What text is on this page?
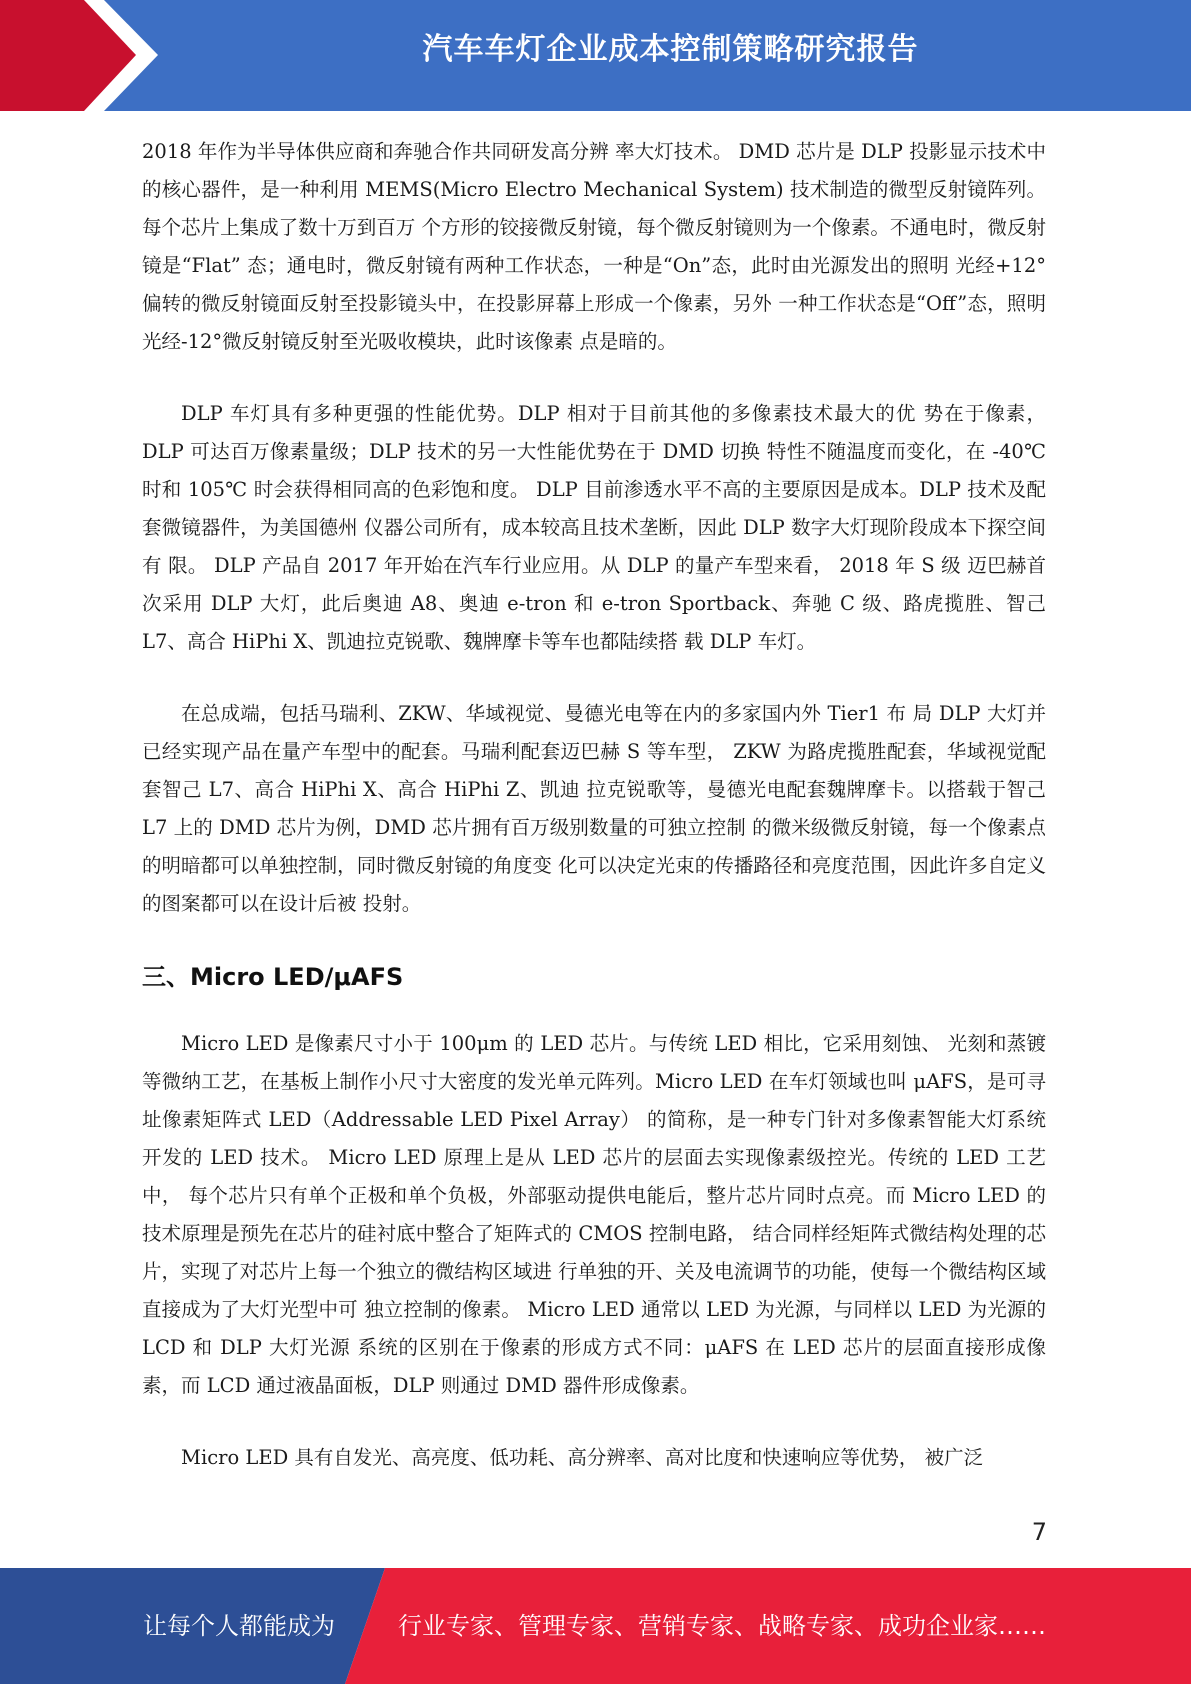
汽车车灯企业成本控制策略研究报告

2018 年作为半导体供应商和奔驰合作共同研发高分辨 率大灯技术。 DMD 芯片是 DLP 投影显示技术中的核心器件，是一种利用 MEMS(Micro Electro Mechanical System) 技术制造的微型反射镜阵列。每个芯片上集成了数十万到百万 个方形的铰接微反射镜，每个微反射镜则为一个像素。不通电时，微反射镜是“Flat” 态；通电时，微反射镜有两种工作状态，一种是“On”态，此时由光源发出的照明 光经+12°偏转的微反射镜面反射至投影镜头中，在投影屏幕上形成一个像素，另外 一种工作状态是“Off”态，照明光经-12°微反射镜反射至光吸收模块，此时该像素 点是暗的。

DLP 车灯具有多种更强的性能优势。DLP 相对于目前其他的多像素技术最大的优 势在于像素，DLP 可达百万像素量级；DLP 技术的另一大性能优势在于 DMD 切换 特性不随温度而变化，在 -40℃ 时和 105℃ 时会获得相同高的色彩饱和度。 DLP 目前渗透水平不高的主要原因是成本。DLP 技术及配套微镜器件，为美国德州 仪器公司所有，成本较高且技术垄断，因此 DLP 数字大灯现阶段成本下探空间有 限。 DLP 产品自 2017 年开始在汽车行业应用。从 DLP 的量产车型来看， 2018 年 S 级 迈巴赫首次采用 DLP 大灯，此后奥迪 A8、奥迪 e-tron 和 e-tron Sportback、奔驰 C 级、路虎揽胜、智己 L7、高合 HiPhi X、凯迪拉克锐歌、魏牌摩卡等车也都陆续搭 载 DLP 车灯。

在总成端，包括马瑞利、ZKW、华域视觉、曼德光电等在内的多家国内外 Tier1 布 局 DLP 大灯并已经实现产品在量产车型中的配套。马瑞利配套迈巴赫 S 等车型， ZKW 为路虎揽胜配套，华域视觉配套智己 L7、高合 HiPhi X、高合 HiPhi Z、凯迪 拉克锐歌等，曼德光电配套魏牌摩卡。以搭载于智己 L7 上的 DMD 芯片为例，DMD 芯片拥有百万级别数量的可独立控制 的微米级微反射镜，每一个像素点的明暗都可以单独控制，同时微反射镜的角度变 化可以决定光束的传播路径和亮度范围，因此许多自定义的图案都可以在设计后被 投射。

三、Micro LED/μAFS

Micro LED 是像素尺寸小于 100μm 的 LED 芯片。与传统 LED 相比，它采用刻蚀、 光刻和蒸镀等微纳工艺，在基板上制作小尺寸大密度的发光单元阵列。Micro LED 在车灯领域也叫 μAFS，是可寻址像素矩阵式 LED（Addressable LED Pixel Array） 的简称，是一种专门针对多像素智能大灯系统开发的 LED 技术。 Micro LED 原理上是从 LED 芯片的层面去实现像素级控光。传统的 LED 工艺中， 每个芯片只有单个正极和单个负极，外部驱动提供电能后，整片芯片同时点亮。而 Micro LED 的技术原理是预先在芯片的硅衬底中整合了矩阵式的 CMOS 控制电路， 结合同样经矩阵式微结构处理的芯片，实现了对芯片上每一个独立的微结构区域进 行单独的开、关及电流调节的功能，使每一个微结构区域直接成为了大灯光型中可 独立控制的像素。 Micro LED 通常以 LED 为光源，与同样以 LED 为光源的 LCD 和 DLP 大灯光源 系统的区别在于像素的形成方式不同：μAFS 在 LED 芯片的层面直接形成像素，而 LCD 通过液晶面板，DLP 则通过 DMD 器件形成像素。

Micro LED 具有自发光、高亮度、低功耗、高分辨率、高对比度和快速响应等优势， 被广泛

7
让每个人都能成为	行业专家、管理专家、营销专家、战略专家、成功企业家……
